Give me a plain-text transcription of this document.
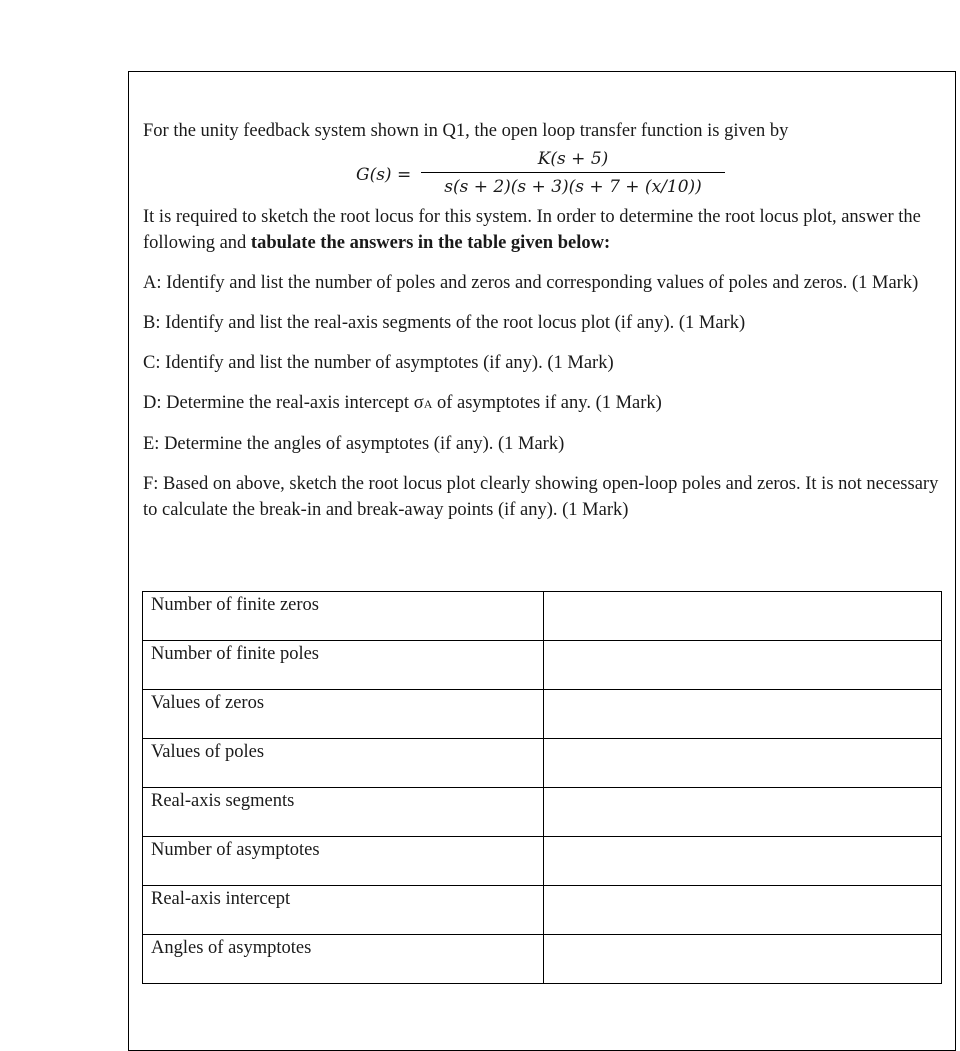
For the unity feedback system shown in Q1, the open loop transfer function is given by

$G(s) = \frac{K(s + 5)}{s(s + 2)(s + 3)(s + 7 + (x/10))}$

It is required to sketch the root locus for this system. In order to determine the root locus plot, answer the following and tabulate the answers in the table given below:

A: Identify and list the number of poles and zeros and corresponding values of poles and zeros. (1 Mark)

B: Identify and list the real-axis segments of the root locus plot (if any). (1 Mark)

C: Identify and list the number of asymptotes (if any). (1 Mark)

D: Determine the real-axis intercept σA of asymptotes if any. (1 Mark)

E: Determine the angles of asymptotes (if any). (1 Mark)

F: Based on above, sketch the root locus plot clearly showing open-loop poles and zeros. It is not necessary to calculate the break-in and break-away points (if any). (1 Mark)

Number of finite zeros	
Number of finite poles	
Values of zeros	
Values of poles	
Real-axis segments	
Number of asymptotes	
Real-axis intercept	
Angles of asymptotes	
